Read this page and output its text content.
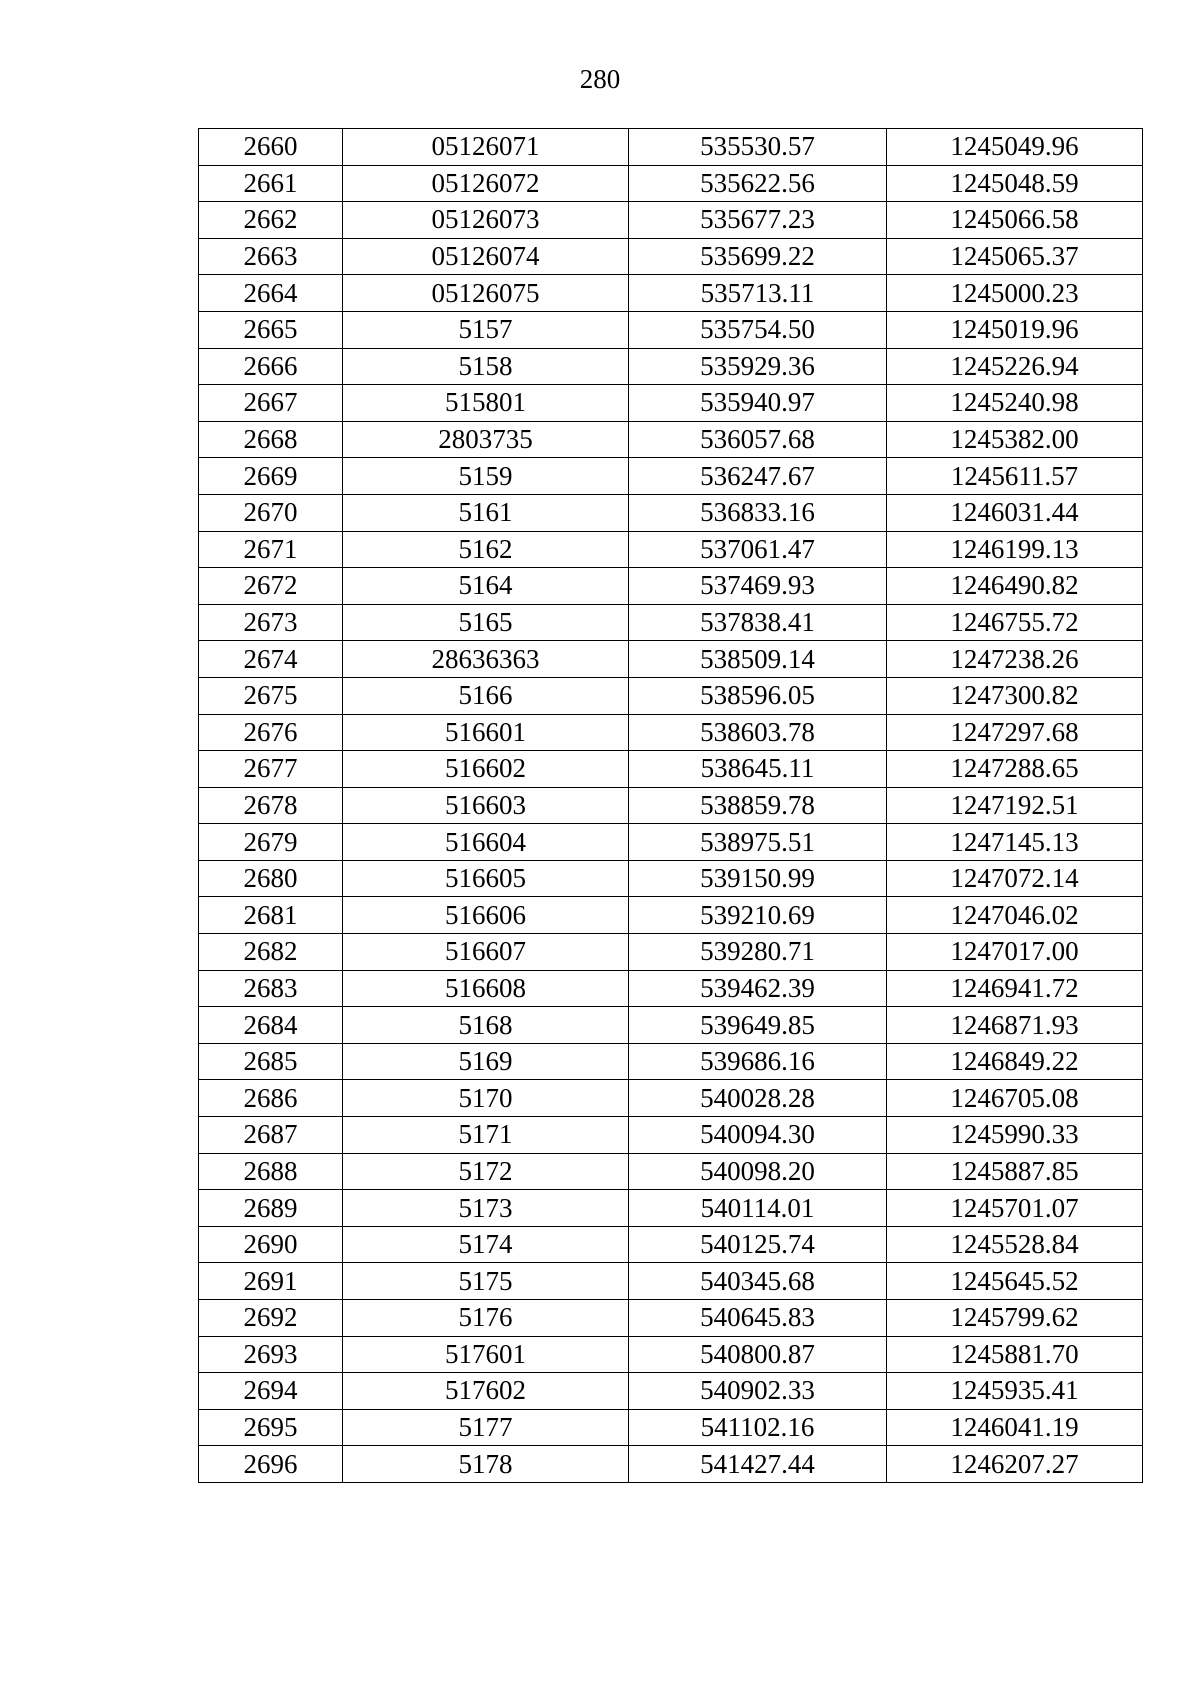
280
2660	05126071	535530.57	1245049.96
2661	05126072	535622.56	1245048.59
2662	05126073	535677.23	1245066.58
2663	05126074	535699.22	1245065.37
2664	05126075	535713.11	1245000.23
2665	5157	535754.50	1245019.96
2666	5158	535929.36	1245226.94
2667	515801	535940.97	1245240.98
2668	2803735	536057.68	1245382.00
2669	5159	536247.67	1245611.57
2670	5161	536833.16	1246031.44
2671	5162	537061.47	1246199.13
2672	5164	537469.93	1246490.82
2673	5165	537838.41	1246755.72
2674	28636363	538509.14	1247238.26
2675	5166	538596.05	1247300.82
2676	516601	538603.78	1247297.68
2677	516602	538645.11	1247288.65
2678	516603	538859.78	1247192.51
2679	516604	538975.51	1247145.13
2680	516605	539150.99	1247072.14
2681	516606	539210.69	1247046.02
2682	516607	539280.71	1247017.00
2683	516608	539462.39	1246941.72
2684	5168	539649.85	1246871.93
2685	5169	539686.16	1246849.22
2686	5170	540028.28	1246705.08
2687	5171	540094.30	1245990.33
2688	5172	540098.20	1245887.85
2689	5173	540114.01	1245701.07
2690	5174	540125.74	1245528.84
2691	5175	540345.68	1245645.52
2692	5176	540645.83	1245799.62
2693	517601	540800.87	1245881.70
2694	517602	540902.33	1245935.41
2695	5177	541102.16	1246041.19
2696	5178	541427.44	1246207.27
